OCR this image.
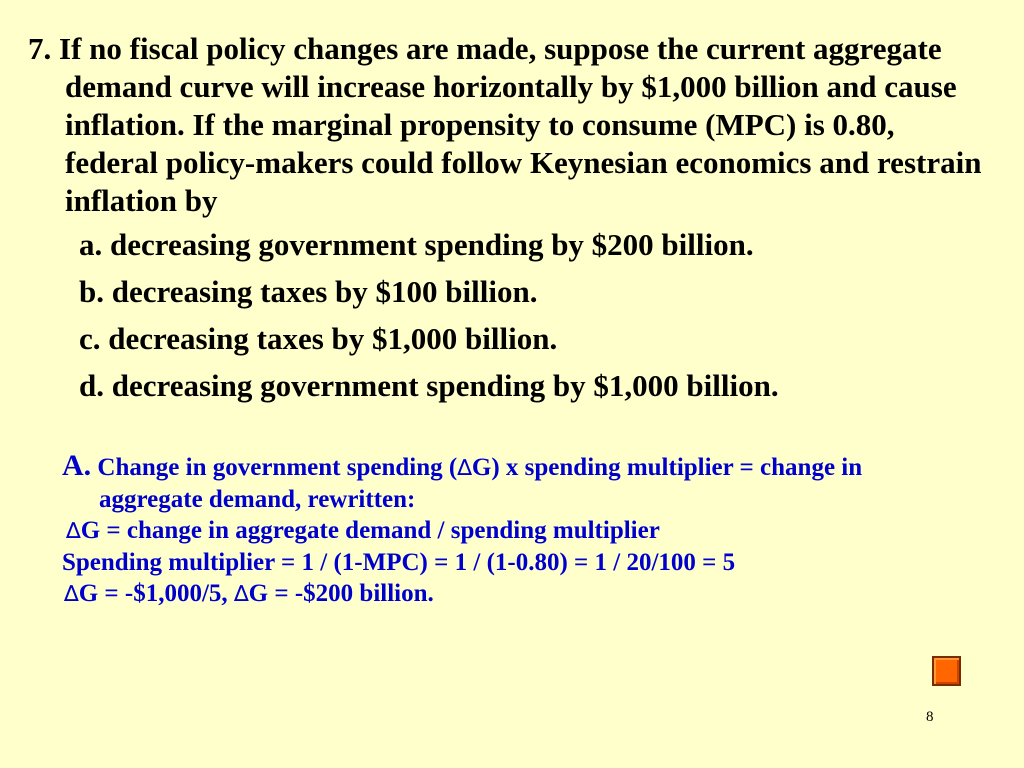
7. If no fiscal policy changes are made, suppose the current aggregate demand curve will increase horizontally by $1,000 billion and cause inflation. If the marginal propensity to consume (MPC) is 0.80, federal policy-makers could follow Keynesian economics and restrain inflation by

a. decreasing government spending by $200 billion.
b. decreasing taxes by $100 billion.
c. decreasing taxes by $1,000 billion.
d. decreasing government spending by $1,000 billion.

A. Change in government spending (∆G) x spending multiplier = change in aggregate demand, rewritten:

∆G = change in aggregate demand / spending multiplier

Spending multiplier = 1 / (1-MPC) = 1 / (1-0.80) = 1 / 20/100 = 5

∆G = -$1,000/5, ∆G = -$200 billion.

8
